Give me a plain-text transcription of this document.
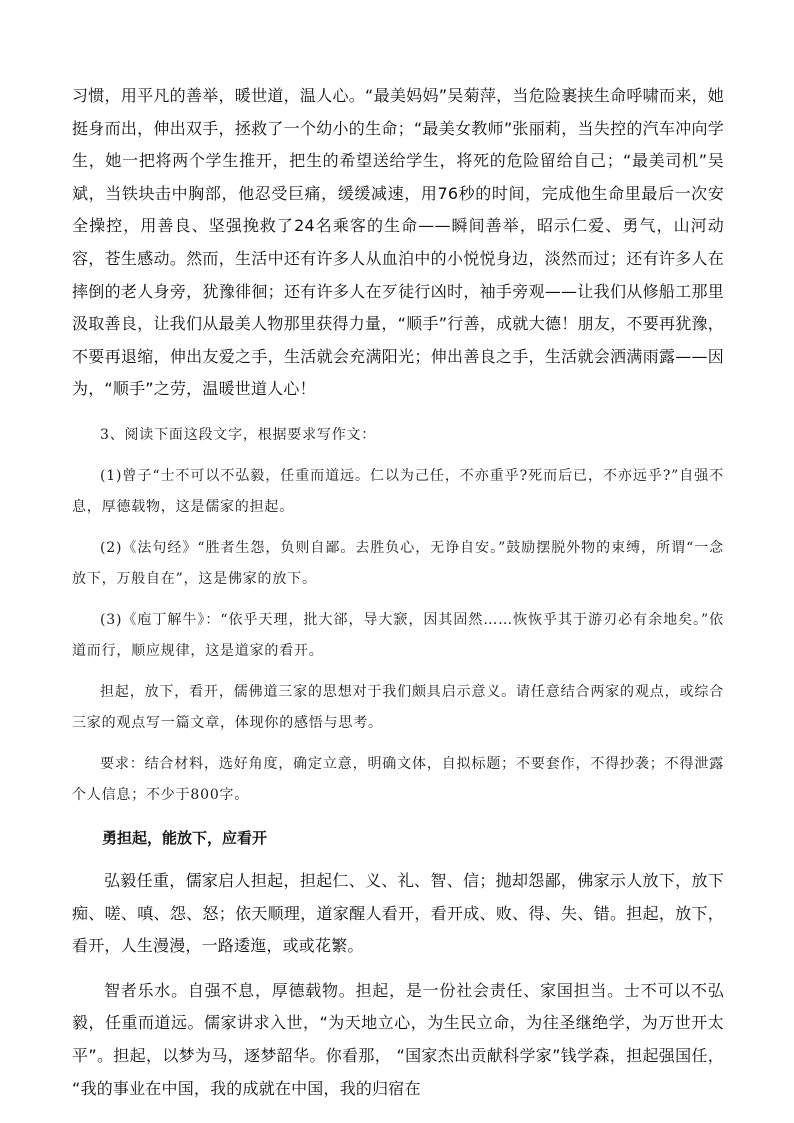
习惯，用平凡的善举，暖世道，温人心。“最美妈妈”吴菊萍，当危险裹挟生命呼啸而来，她挺身而出，伸出双手，拯救了一个幼小的生命；“最美女教师”张丽莉，当失控的汽车冲向学生，她一把将两个学生推开，把生的希望送给学生，将死的危险留给自己；“最美司机”吴斌，当铁块击中胸部，他忍受巨痛，缓缓减速，用76秒的时间，完成他生命里最后一次安全操控，用善良、坚强挽救了24名乘客的生命——瞬间善举，昭示仁爱、勇气，山河动容，苍生感动。然而，生活中还有许多人从血泊中的小悦悦身边，淡然而过；还有许多人在摔倒的老人身旁，犹豫徘徊；还有许多人在歹徒行凶时，袖手旁观——让我们从修船工那里汲取善良，让我们从最美人物那里获得力量，“顺手”行善，成就大德！朋友，不要再犹豫，不要再退缩，伸出友爱之手，生活就会充满阳光；伸出善良之手，生活就会洒满雨露——因为，“顺手”之劳，温暖世道人心！

3、阅读下面这段文字，根据要求写作文：

(1)曾子“士不可以不弘毅，任重而道远。仁以为己任，不亦重乎?死而后已，不亦远乎?”自强不息，厚德载物，这是儒家的担起。

(2)《法句经》“胜者生怨，负则自鄙。去胜负心，无诤自安。”鼓励摆脱外物的束缚，所谓“一念放下，万般自在”，这是佛家的放下。

(3)《庖丁解牛》：“依乎天理，批大郤，导大窾，因其固然……恢恢乎其于游刃必有余地矣。”依道而行，顺应规律，这是道家的看开。

担起，放下，看开，儒佛道三家的思想对于我们颇具启示意义。请任意结合两家的观点，或综合三家的观点写一篇文章，体现你的感悟与思考。

要求：结合材料，选好角度，确定立意，明确文体，自拟标题；不要套作，不得抄袭；不得泄露个人信息；不少于800字。

勇担起，能放下，应看开

弘毅任重，儒家启人担起，担起仁、义、礼、智、信；抛却怨鄙，佛家示人放下，放下痴、嗟、嗔、怨、怒；依天顺理，道家醒人看开，看开成、败、得、失、错。担起，放下，看开，人生漫漫，一路逶迤，或或花繁。

智者乐水。自强不息，厚德载物。担起，是一份社会责任、家国担当。士不可以不弘毅，任重而道远。儒家讲求入世，“为天地立心，为生民立命，为往圣继绝学，为万世开太平”。担起，以梦为马，逐梦韶华。你看那， “国家杰出贡献科学家”钱学森，担起强国任， “我的事业在中国，我的成就在中国，我的归宿在
